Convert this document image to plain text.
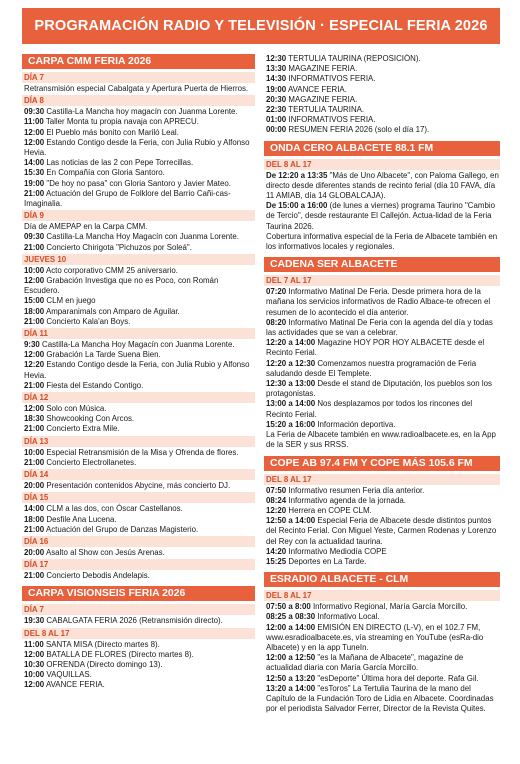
PROGRAMACIÓN RADIO Y TELEVISIÓN · ESPECIAL FERIA 2026
CARPA CMM FERIA 2026
DÍA 7

Retransmisión especial Cabalgata y Apertura Puerta de Hierros.

DÍA 8

09:30 Castilla-La Mancha hoy magacín con Juanma Lorente.

11:00 Taller Monta tu propia navaja con APRECU.

12:00 El Pueblo más bonito con Mariló Leal.

12:00 Estando Contigo desde la Feria, con Julia Rubio y Alfonso Hevia.

14:00 Las noticias de las 2 con Pepe Torrecillas.

15:30 En Compañía con Gloria Santoro.

19:00 "De hoy no pasa" con Gloria Santoro y Javier Mateo.

21:00 Actuación del Grupo de Folklore del Barrio Cañi-cas-Imaginalia.

DÍA 9

Día de AMEPAP en la Carpa CMM.

09:30 Castilla-La Mancha Hoy Magacín con Juanma Lorente.

21:00 Concierto Chirigota "Pichuzos por Soleá".

JUEVES 10

10:00 Acto corporativo CMM 25 aniversario.

12:00 Grabación Investiga que no es Poco, con Román Escudero.

15:00 CLM en juego

18:00 Amparanimals con Amparo de Aguilar.

21:00 Concierto Kala'an Boys.

DÍA 11

9:30 Castilla-La Mancha Hoy Magacín con Juanma Lorente.

12:00 Grabación La Tarde Suena Bien.

12:20 Estando Contigo desde la Feria, con Julia Rubio y Alfonso Hevia.

21:00 Fiesta del Estando Contigo.

DÍA 12

12:00 Solo con Música.

18:30 Showcooking Con Arcos.

21:00 Concierto Extra Mile.

DÍA 13

10:00 Especial Retransmisión de la Misa y Ofrenda de flores.

21:00 Concierto Electrollanetes.

DÍA 14

20:00 Presentación contenidos Abycine, más concierto DJ.

DÍA 15

14:00 CLM a las dos, con Óscar Castellanos.

18:00 Desfile Ana Lucena.

21:00 Actuación del Grupo de Danzas Magisterio.

DÍA 16

20:00 Asalto al Show con Jesús Arenas.

DÍA 17

21:00 Concierto Debodis Andelapis.

CARPA VISIONSEIS FERIA 2026
DÍA 7

19:30 CABALGATA FERIA 2026 (Retransmisión directo).

DEL 8 AL 17

11:00 SANTA MISA (Directo martes 8).

12:00 BATALLA DE FLORES (Directo martes 8).

10:30 OFRENDA (Directo domingo 13).

10:00 VAQUILLAS.

12:00 AVANCE FERIA.

12:30 TERTULIA TAURINA (REPOSICIÓN).

13:30 MAGAZINE FERIA.

14:30 INFORMATIVOS FERIA.

19:00 AVANCE FERIA.

20:30 MAGAZINE FERIA.

22:30 TERTULIA TAURINA.

01:00 INFORMATIVOS FERIA.

00:00 RESUMEN FERIA 2026 (solo el día 17).

ONDA CERO ALBACETE 88.1 FM
DEL 8 AL 17

De 12:20 a 13:35 "Más de Uno Albacete", con Paloma Gallego, en directo desde diferentes stands de recinto ferial (día 10 FAVA, día 11 AMIAB, día 14 GLOBALCAJA).

De 15:00 a 16:00 (de lunes a viernes) programa Taurino "Cambio de Tercio", desde restaurante El Callejón. Actua-lidad de la Feria Taurina 2026.

Cobertura informativa especial de la Feria de Albacete también en los informativos locales y regionales.

CADENA SER ALBACETE
DEL 7 AL 17

07:20 Informativo Matinal De Feria. Desde primera hora de la mañana los servicios informativos de Radio Albace-te ofrecen el resumen de lo acontecido el día anterior.

08:20 Informativo Matinal De Feria con la agenda del día y todas las actividades que se van a celebrar.

12:20 a 14:00 Magazine HOY POR HOY ALBACETE desde el Recinto Ferial.

12:20 a 12:30 Comenzamos nuestra programación de Feria saludando desde El Templete.

12:30 a 13:00 Desde el stand de Diputación, los pueblos son los protagonistas.

13:00 a 14:00 Nos desplazamos por todos los rincones del Recinto Ferial.

15:20 a 16:00 Información deportiva.

La Feria de Albacete también en www.radioalbacete.es, en la App de la SER y sus RRSS.

COPE AB 97.4 FM Y COPE MÁS 105.6 FM
DEL 8 AL 17

07:50 Informativo resumen Feria día anterior.

08:24 Informativo agenda de la jornada.

12:20 Herrera en COPE CLM.

12:50 a 14:00 Especial Feria de Albacete desde distintos puntos del Recinto Ferial. Con Miguel Yeste, Carmen Rodenas y Lorenzo del Rey con la actualidad taurina.

14:20 Informativo Mediodía COPE

15:25 Deportes en La Tarde.

ESRADIO ALBACETE - CLM
DEL 8 AL 17

07:50 a 8:00 Informativo Regional, María García Morcillo.

08:25 a 08:30 Informativo Local.

12:00 a 14:00 EMISIÓN EN DIRECTO (L-V), en el 102.7 FM, www.esradioalbacete.es, vía streaming en YouTube (esRa-dio Albacete) y en la app TuneIn.

12:00 a 12:50 "es la Mañana de Albacete", magazine de actualidad diaria con María García Morcillo.

12:50 a 13:20 "esDeporte" Última hora del deporte. Rafa Gil.

13:20 a 14:00 "esToros" La Tertulia Taurina de la mano del Capítulo de la Fundación Toro de Lidia en Albacete. Coordinadas por el periodista Salvador Ferrer, Director de la Revista Quites.
